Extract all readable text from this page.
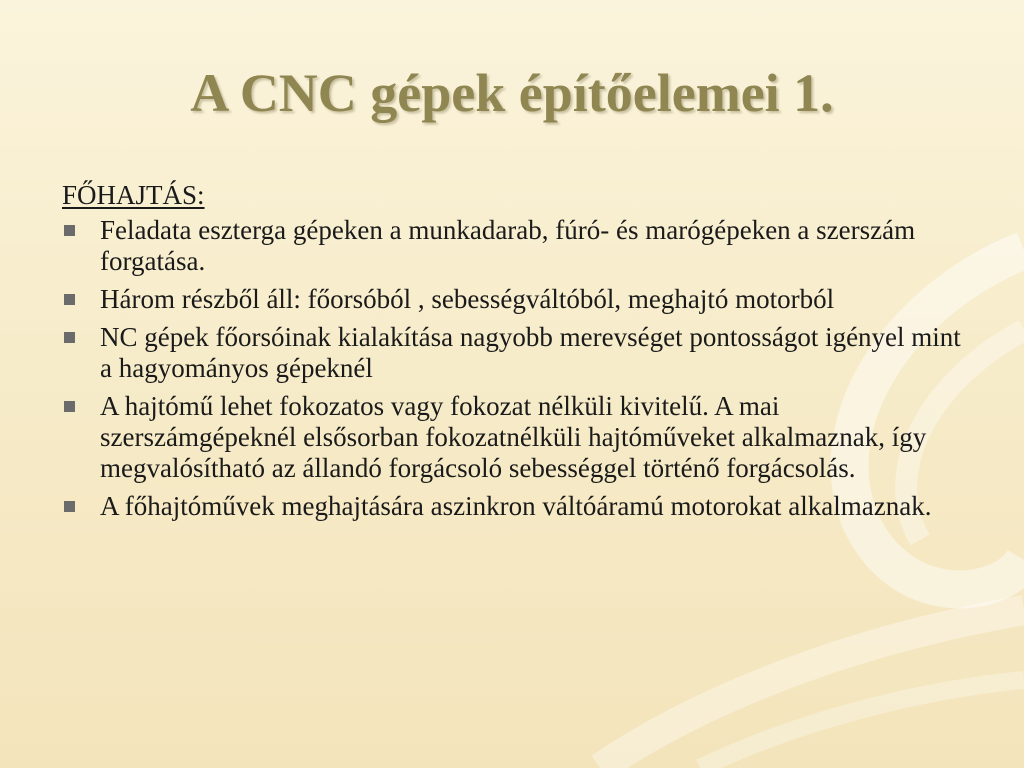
A CNC gépek építőelemei 1.
FŐHAJTÁS:
Feladata eszterga gépeken a munkadarab, fúró- és marógépeken a szerszám forgatása.
Három részből áll: főorsóból , sebességváltóból, meghajtó motorból
NC gépek főorsóinak kialakítása nagyobb merevséget pontosságot igényel mint a hagyományos gépeknél
A hajtómű lehet fokozatos vagy fokozat nélküli kivitelű. A mai szerszámgépeknél elsősorban fokozatnélküli hajtóműveket alkalmaznak, így megvalósítható az állandó forgácsoló sebességgel történő forgácsolás.
A főhajtóművek meghajtására aszinkron váltóáramú motorokat alkalmaznak.
